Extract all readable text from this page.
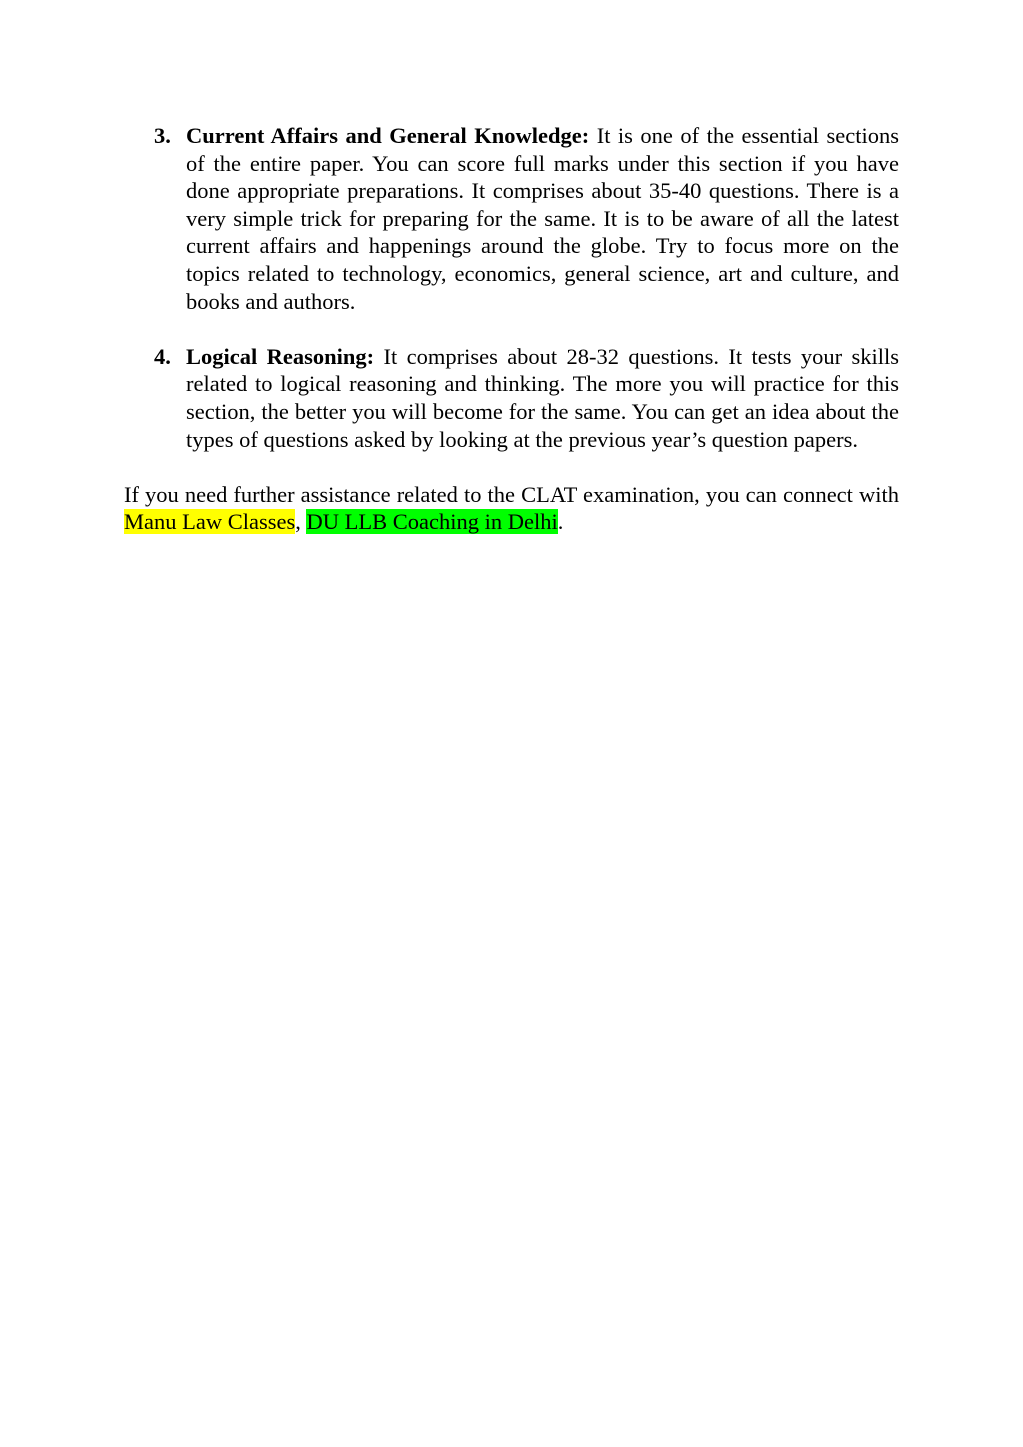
3. Current Affairs and General Knowledge: It is one of the essential sections of the entire paper. You can score full marks under this section if you have done appropriate preparations. It comprises about 35-40 questions. There is a very simple trick for preparing for the same. It is to be aware of all the latest current affairs and happenings around the globe. Try to focus more on the topics related to technology, economics, general science, art and culture, and books and authors.
4. Logical Reasoning: It comprises about 28-32 questions. It tests your skills related to logical reasoning and thinking. The more you will practice for this section, the better you will become for the same. You can get an idea about the types of questions asked by looking at the previous year’s question papers.

If you need further assistance related to the CLAT examination, you can connect with Manu Law Classes, DU LLB Coaching in Delhi.
